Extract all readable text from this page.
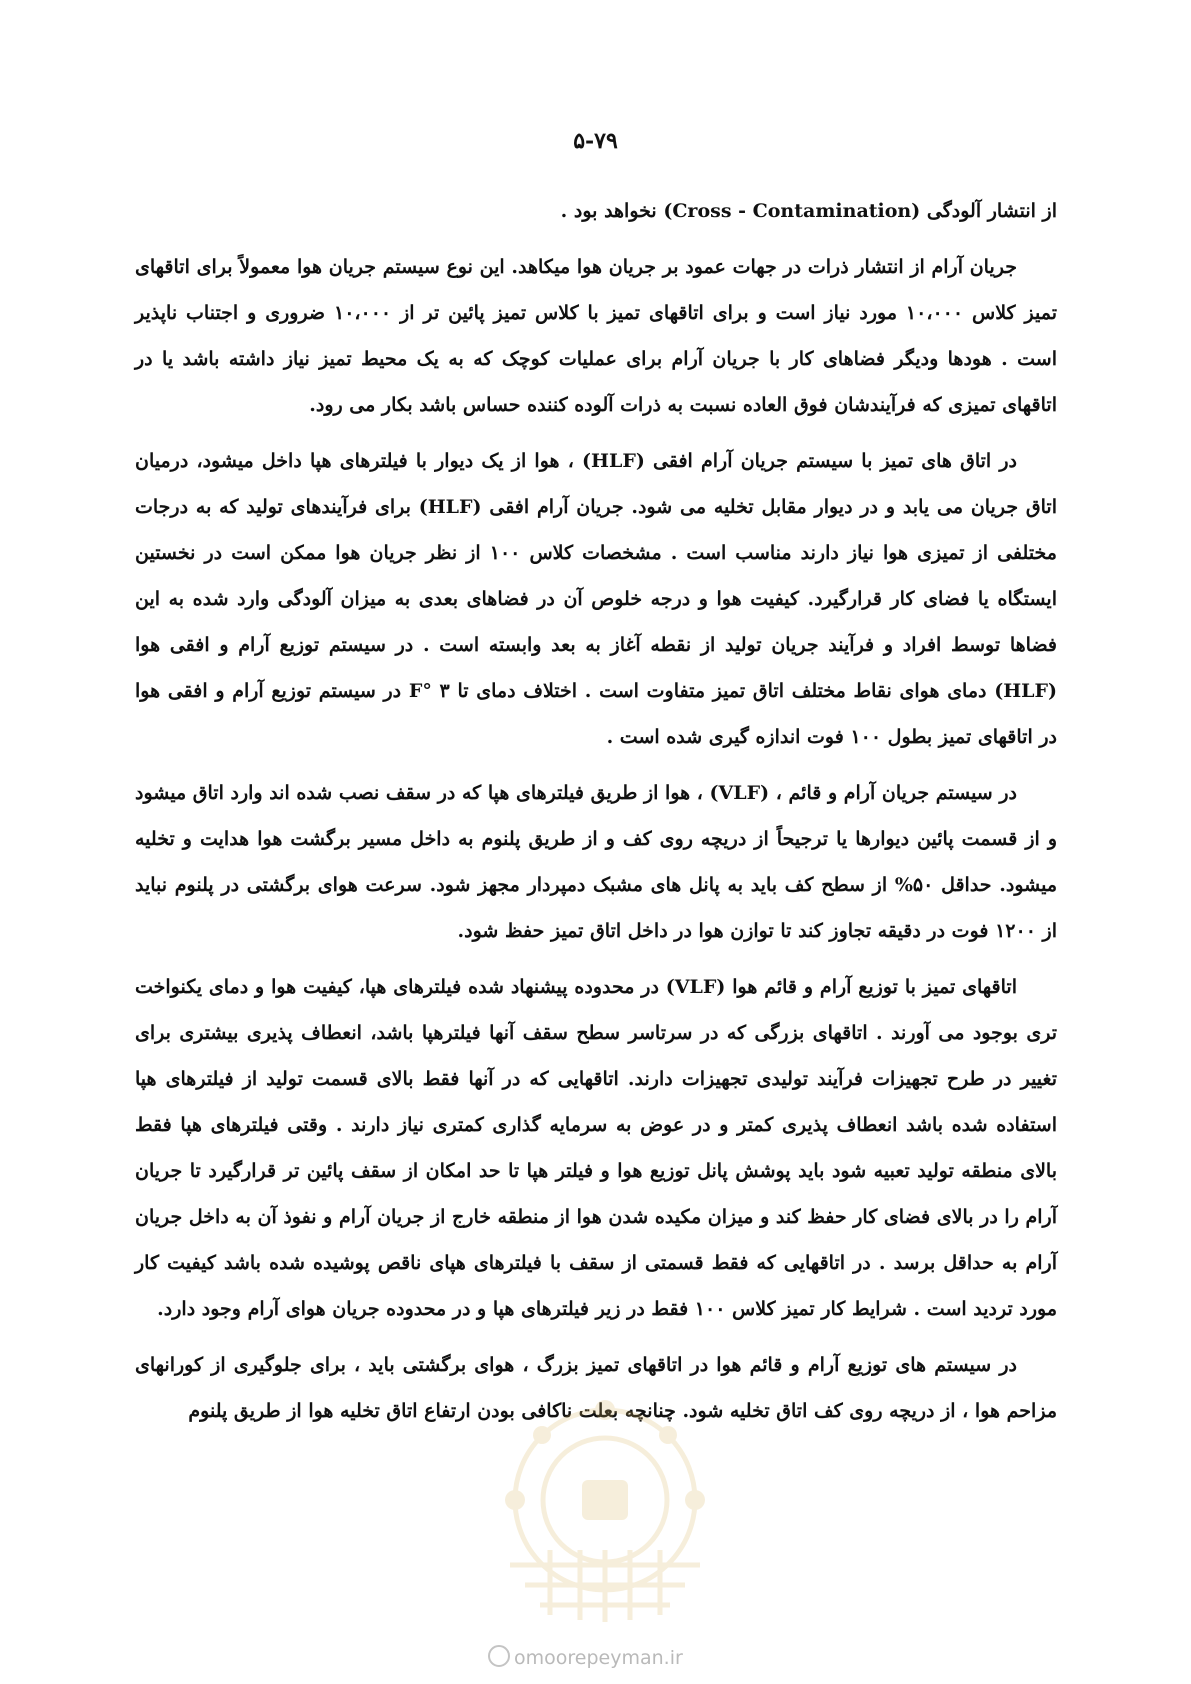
۵-۷۹

از انتشار آلودگی (Cross - Contamination) نخواهد بود .

جریان آرام از انتشار ذرات در جهات عمود بر جریان هوا میکاهد. این نوع سیستم جریان هوا معمولاً برای اتاقهای تمیز کلاس ۱۰،۰۰۰ مورد نیاز است و برای اتاقهای تمیز با کلاس تمیز پائین تر از ۱۰،۰۰۰ ضروری و اجتناب ناپذیر است . هودها ودیگر فضاهای کار با جریان آرام برای عملیات کوچک که به یک محیط تمیز نیاز داشته باشد یا در اتاقهای تمیزی که فرآیندشان فوق العاده نسبت به ذرات آلوده کننده حساس باشد بکار می رود.

در اتاق های تمیز با سیستم جریان آرام افقی (HLF) ، هوا از یک دیوار با فیلترهای هپا داخل میشود، درمیان اتاق جریان می یابد و در دیوار مقابل تخلیه می شود. جریان آرام افقی (HLF) برای فرآیندهای تولید که به درجات مختلفی از تمیزی هوا نیاز دارند مناسب است . مشخصات کلاس ۱۰۰ از نظر جریان هوا ممکن است در نخستین ایستگاه یا فضای کار قرارگیرد. کیفیت هوا و درجه خلوص آن در فضاهای بعدی به میزان آلودگی وارد شده به این فضاها توسط افراد و فرآیند جریان تولید از نقطه آغاز به بعد وابسته است . در سیستم توزیع آرام و افقی هوا (HLF) دمای هوای نقاط مختلف اتاق تمیز متفاوت است . اختلاف دمای تا ۳ °F در سیستم توزیع آرام و افقی هوا در اتاقهای تمیز بطول ۱۰۰ فوت اندازه گیری شده است .

در سیستم جریان آرام و قائم ، (VLF) ، هوا از طریق فیلترهای هپا که در سقف نصب شده اند وارد اتاق میشود و از قسمت پائین دیوارها یا ترجیحاً از دریچه روی کف و از طریق پلنوم به داخل مسیر برگشت هوا هدایت و تخلیه میشود. حداقل ۵۰% از سطح کف باید به پانل های مشبک دمپردار مجهز شود. سرعت هوای برگشتی در پلنوم نباید از ۱۲۰۰ فوت در دقیقه تجاوز کند تا توازن هوا در داخل اتاق تمیز حفظ شود.

اتاقهای تمیز با توزیع آرام و قائم هوا (VLF) در محدوده پیشنهاد شده فیلترهای هپا، کیفیت هوا و دمای یکنواخت تری بوجود می آورند . اتاقهای بزرگی که در سرتاسر سطح سقف آنها فیلترهپا باشد، انعطاف پذیری بیشتری برای تغییر در طرح تجهیزات فرآیند تولیدی تجهیزات دارند. اتاقهایی که در آنها فقط بالای قسمت تولید از فیلترهای هپا استفاده شده باشد انعطاف پذیری کمتر و در عوض به سرمایه گذاری کمتری نیاز دارند . وقتی فیلترهای هپا فقط بالای منطقه تولید تعبیه شود باید پوشش پانل توزیع هوا و فیلتر هپا تا حد امکان از سقف پائین تر قرارگیرد تا جریان آرام را در بالای فضای کار حفظ کند و میزان مکیده شدن هوا از منطقه خارج از جریان آرام و نفوذ آن به داخل جریان آرام به حداقل برسد . در اتاقهایی که فقط قسمتی از سقف با فیلترهای هپای ناقص پوشیده شده باشد کیفیت کار مورد تردید است . شرایط کار تمیز کلاس ۱۰۰ فقط در زیر فیلترهای هپا و در محدوده جریان هوای آرام وجود دارد.

در سیستم های توزیع آرام و قائم هوا در اتاقهای تمیز بزرگ ، هوای برگشتی باید ، برای جلوگیری از کورانهای مزاحم هوا ، از دریچه روی کف اتاق تخلیه شود. چنانچه بعلت ناکافی بودن ارتفاع اتاق تخلیه هوا از طریق پلنوم

omoorepeyman.ir
